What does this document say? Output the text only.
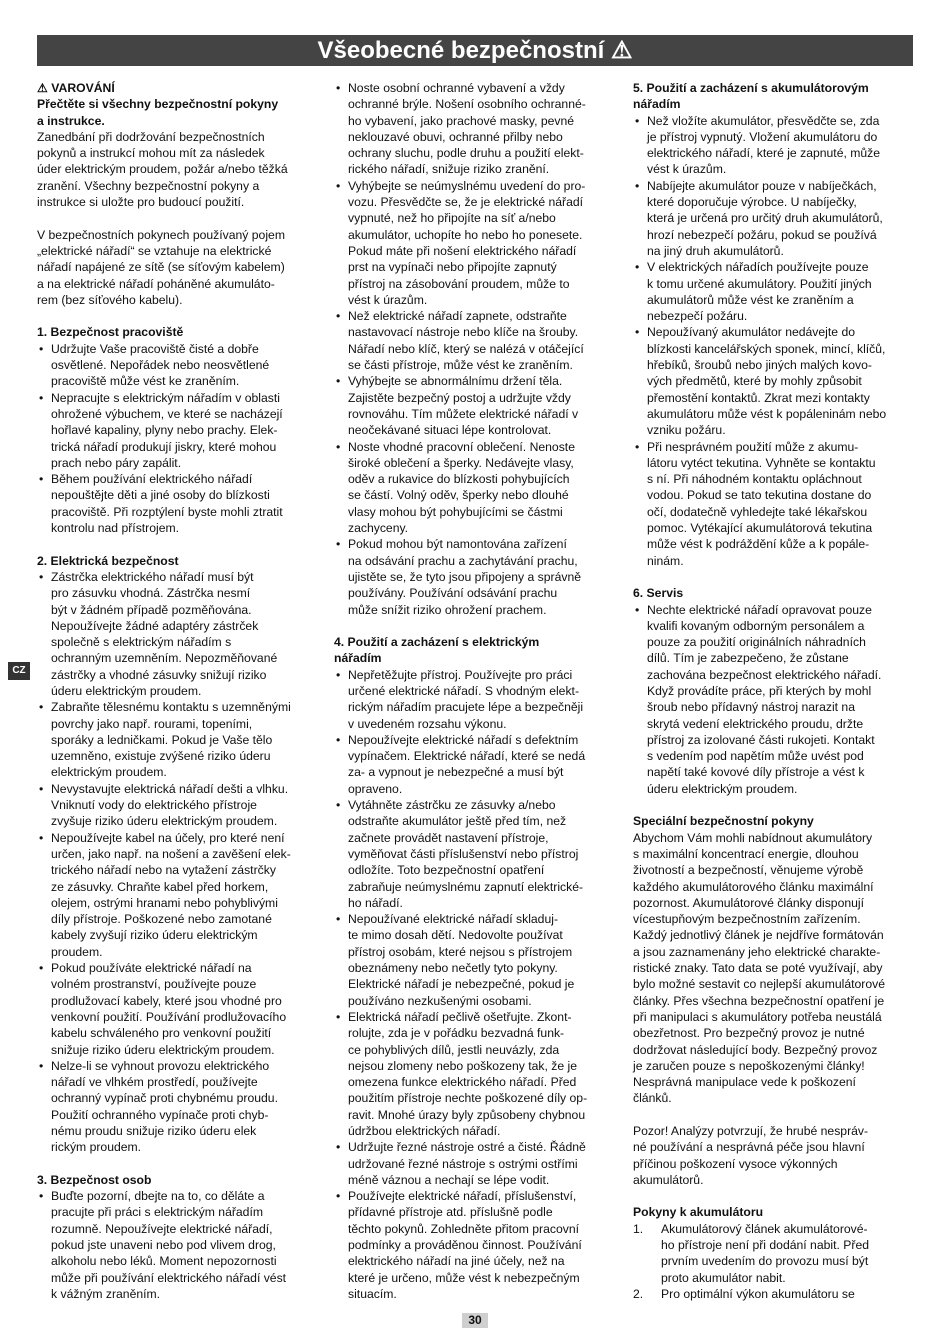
Všeobecné bezpečnostní ⚠
CZ

⚠ VAROVÁNÍ

Přečtěte si všechny bezpečnostní pokyny

a instrukce.

Zanedbání při dodržování bezpečnostních
pokynů a instrukcí mohou mít za následek
úder elektrickým proudem, požár a/nebo těžká
zranění. Všechny bezpečnostní pokyny a
instrukce si uložte pro budoucí použití.
V bezpečnostních pokynech používaný pojem
„elektrické nářadí“ se vztahuje na elektrické
nářadí napájené ze sítě (se síťovým kabelem)
a na elektrické nářadí poháněné akumuláto-
rem (bez síťového kabelu).

1. Bezpečnost pracoviště

• Udržujte Vaše pracoviště čisté a dobře
osvětlené. Nepořádek nebo neosvětlené
pracoviště může vést ke zraněním.
• Nepracujte s elektrickým nářadím v oblasti
ohrožené výbuchem, ve které se nacházejí
hořlavé kapaliny, plyny nebo prachy. Elek-
trická nářadí produkují jiskry, které mohou
prach nebo páry zapálit.
• Během používání elektrického nářadí
nepouštějte děti a jiné osoby do blízkosti
pracoviště. Při rozptýlení byste mohli ztratit
kontrolu nad přístrojem.

2. Elektrická bezpečnost

• Zástrčka elektrického nářadí musí být
pro zásuvku vhodná. Zástrčka nesmí
být v žádném případě pozměňována.
Nepoužívejte žádné adaptéry zástrček
společně s elektrickým nářadím s
ochranným uzemněním. Nepozměňované
zástrčky a vhodné zásuvky snižují riziko
úderu elektrickým proudem.
• Zabraňte tělesnému kontaktu s uzemněnými
povrchy jako např. rourami, topeními,
sporáky a ledničkami. Pokud je Vaše tělo
uzemněno, existuje zvýšené riziko úderu
elektrickým proudem.
• Nevystavujte elektrická nářadí dešti a vlhku.
Vniknutí vody do elektrického přístroje
zvyšuje riziko úderu elektrickým proudem.
• Nepoužívejte kabel na účely, pro které není
určen, jako např. na nošení a zavěšení elek-
trického nářadí nebo na vytažení zástrčky
ze zásuvky. Chraňte kabel před horkem,
olejem, ostrými hranami nebo pohyblivými
díly přístroje. Poškozené nebo zamotané
kabely zvyšují riziko úderu elektrickým
proudem.
• Pokud používáte elektrické nářadí na
volném prostranství, používejte pouze
prodlužovací kabely, které jsou vhodné pro
venkovní použití. Používání prodlužovacího
kabelu schváleného pro venkovní použití
snižuje riziko úderu elektrickým proudem.
• Nelze-li se vyhnout provozu elektrického
nářadí ve vlhkém prostředí, používejte
ochranný vypínač proti chybnému proudu.
Použití ochranného vypínače proti chyb-
nému proudu snižuje riziko úderu elek
rickým proudem.

3. Bezpečnost osob

• Buďte pozorní, dbejte na to, co děláte a
pracujte při práci s elektrickým nářadím
rozumně. Nepoužívejte elektrické nářadí,
pokud jste unaveni nebo pod vlivem drog,
alkoholu nebo léků. Moment nepozornosti
může při používání elektrického nářadí vést
k vážným zraněním.
• Noste osobní ochranné vybavení a vždy
ochranné brýle. Nošení osobního ochranné-
ho vybavení, jako prachové masky, pevné
neklouzavé obuvi, ochranné přilby nebo
ochrany sluchu, podle druhu a použití elekt-
rického nářadí, snižuje riziko zranění.
• Vyhýbejte se neúmyslnému uvedení do pro-
vozu. Přesvědčte se, že je elektrické nářadí
vypnuté, než ho připojíte na síť a/nebo
akumulátor, uchopíte ho nebo ho ponesete.
Pokud máte při nošení elektrického nářadí
prst na vypínači nebo připojíte zapnutý
přístroj na zásobování proudem, může to
vést k úrazům.
• Než elektrické nářadí zapnete, odstraňte
nastavovací nástroje nebo klíče na šrouby.
Nářadí nebo klíč, který se nalézá v otáčející
se části přístroje, může vést ke zraněním.
• Vyhýbejte se abnormálnímu držení těla.
Zajistěte bezpečný postoj a udržujte vždy
rovnováhu. Tím můžete elektrické nářadí v
neočekávané situaci lépe kontrolovat.
• Noste vhodné pracovní oblečení. Nenoste
široké oblečení a šperky. Nedávejte vlasy,
oděv a rukavice do blízkosti pohybujících
se částí. Volný oděv, šperky nebo dlouhé
vlasy mohou být pohybujícími se částmi
zachyceny.
• Pokud mohou být namontována zařízení
na odsávání prachu a zachytávání prachu,
ujistěte se, že tyto jsou připojeny a správně
používány. Používání odsávání prachu
může snížit riziko ohrožení prachem.

4. Použití a zacházení s elektrickým

nářadím

• Nepřetěžujte přístroj. Používejte pro práci
určené elektrické nářadí. S vhodným elekt-
rickým nářadím pracujete lépe a bezpečněji
v uvedeném rozsahu výkonu.
• Nepoužívejte elektrické nářadí s defektním
vypínačem. Elektrické nářadí, které se nedá
za- a vypnout je nebezpečné a musí být
opraveno.
• Vytáhněte zástrčku ze zásuvky a/nebo
odstraňte akumulátor ještě před tím, než
začnete provádět nastavení přístroje,
vyměňovat části příslušenství nebo přístroj
odložíte. Toto bezpečnostní opatření
zabraňuje neúmyslnému zapnutí elektrické-
ho nářadí.
• Nepoužívané elektrické nářadí skladuj-
te mimo dosah dětí. Nedovolte používat
přístroj osobám, které nejsou s přístrojem
obeznámeny nebo nečetly tyto pokyny.
Elektrické nářadí je nebezpečné, pokud je
používáno nezkušenými osobami.
• Elektrická nářadí pečlivě ošetřujte. Zkont-
rolujte, zda je v pořádku bezvadná funk-
ce pohyblivých dílů, jestli neuvázly, zda
nejsou zlomeny nebo poškozeny tak, že je
omezena funkce elektrického nářadí. Před
použitím přístroje nechte poškozené díly op-
ravit. Mnohé úrazy byly způsobeny chybnou
údržbou elektrických nářadí.
• Udržujte řezné nástroje ostré a čisté. Řádně
udržované řezné nástroje s ostrými ostřími
méně váznou a nechají se lépe vodit.
• Používejte elektrické nářadí, příslušenství,
přídavné přístroje atd. příslušně podle
těchto pokynů. Zohledněte přitom pracovní
podmínky a prováděnou činnost. Používání
elektrického nářadí na jiné účely, než na
které je určeno, může vést k nebezpečným
situacím.

5. Použití a zacházení s akumulátorovým

nářadím

• Než vložíte akumulátor, přesvědčte se, zda
je přístroj vypnutý. Vložení akumulátoru do
elektrického nářadí, které je zapnuté, může
vést k úrazům.
• Nabíjejte akumulátor pouze v nabíječkách,
které doporučuje výrobce. U nabíječky,
která je určená pro určitý druh akumulátorů,
hrozí nebezpečí požáru, pokud se používá
na jiný druh akumulátorů.
• V elektrických nářadích používejte pouze
k tomu určené akumulátory. Použití jiných
akumulátorů může vést ke zraněním a
nebezpečí požáru.
• Nepoužívaný akumulátor nedávejte do
blízkosti kancelářských sponek, mincí, klíčů,
hřebíků, šroubů nebo jiných malých kovo-
vých předmětů, které by mohly způsobit
přemostění kontaktů. Zkrat mezi kontakty
akumulátoru může vést k popáleninám nebo
vzniku požáru.
• Při nesprávném použití může z akumu-
látoru vytéct tekutina. Vyhněte se kontaktu
s ní. Při náhodném kontaktu opláchnout
vodou. Pokud se tato tekutina dostane do
očí, dodatečně vyhledejte také lékařskou
pomoc. Vytékající akumulátorová tekutina
může vést k podráždění kůže a k popále-
ninám.

6. Servis

• Nechte elektrické nářadí opravovat pouze
kvalifi kovaným odborným personálem a
pouze za použití originálních náhradních
dílů. Tím je zabezpečeno, že zůstane
zachována bezpečnost elektrického nářadí.
Když provádíte práce, při kterých by mohl
šroub nebo přídavný nástroj narazit na
skrytá vedení elektrického proudu, držte
přístroj za izolované části rukojeti. Kontakt
s vedením pod napětím může uvést pod
napětí také kovové díly přístroje a vést k
úderu elektrickým proudem.

Speciální bezpečnostní pokyny

Abychom Vám mohli nabídnout akumulátory
s maximální koncentrací energie, dlouhou
životností a bezpečností, věnujeme výrobě
každého akumulátorového článku maximální
pozornost. Akumulátorové články disponují
vícestupňovým bezpečnostním zařízením.
Každý jednotlivý článek je nejdříve formátován
a jsou zaznamenány jeho elektrické charakte-
ristické znaky. Tato data se poté využívají, aby
bylo možné sestavit co nejlepší akumulátorové
články. Přes všechna bezpečnostní opatření je
při manipulaci s akumulátory potřeba neustálá
obezřetnost. Pro bezpečný provoz je nutné
dodržovat následující body. Bezpečný provoz
je zaručen pouze s nepoškozenými články!
Nesprávná manipulace vede k poškození
článků.
Pozor! Analýzy potvrzují, že hrubé nespráv-
né používání a nesprávná péče jsou hlavní
příčinou poškození vysoce výkonných
akumulátorů.

Pokyny k akumulátoru

1. Akumulátorový článek akumulátorové-
ho přístroje není při dodání nabit. Před
prvním uvedením do provozu musí být
proto akumulátor nabit.
2. Pro optimální výkon akumulátoru se
30
